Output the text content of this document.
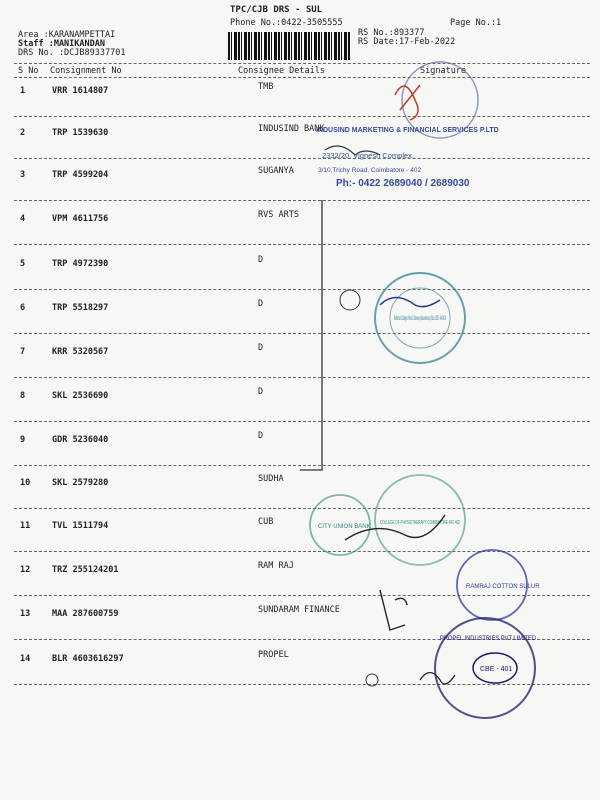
TPC/CJB DRS - SUL
Phone No.:0422-3505555	Page No.:1
Area :KARANAMPETTAI
Staff :MANIKANDAN
DRS No. :DCJB89337701
RS No.:893377
RS Date:17-Feb-2022
S No Consignment No	Consignee Details	Signature
1	VRR 1614807	TMB
2	TRP 1539630	INDUSIND BANK
3	TRP 4599204	SUGANYA
4	VPM 4611756	RVS ARTS
5	TRP 4972390	D
6	TRP 5518297	D
7	KRR 5320567	D
8	SKL 2536690	D
9	GDR 5236040	D
10	SKL 2579280	SUDHA
11	TVL 1511794	CUB
12	TRZ 255124201	RAM RAJ
13	MAA 287600759	SUNDARAM FINANCE
14	BLR 4603616297	PROPEL
INDUSIND MARKETING & FINANCIAL SERVICES P.LTD
2332/20, Vignesh Complex,
3/10,Trichy Road, Coimbatore - 402
Ph:- 0422 2689040 / 2689030
Rathinam College of Arts & Science (Autonomous) Sulur, CBE - 641 402
CITY UNION BANK
COLLEGE OF PHYSIOTHERAPY COIMBATORE-641 402
RAMRAJ COTTON SULUR
PROPEL INDUSTRIES PVT LIMITED
CBE - 401
